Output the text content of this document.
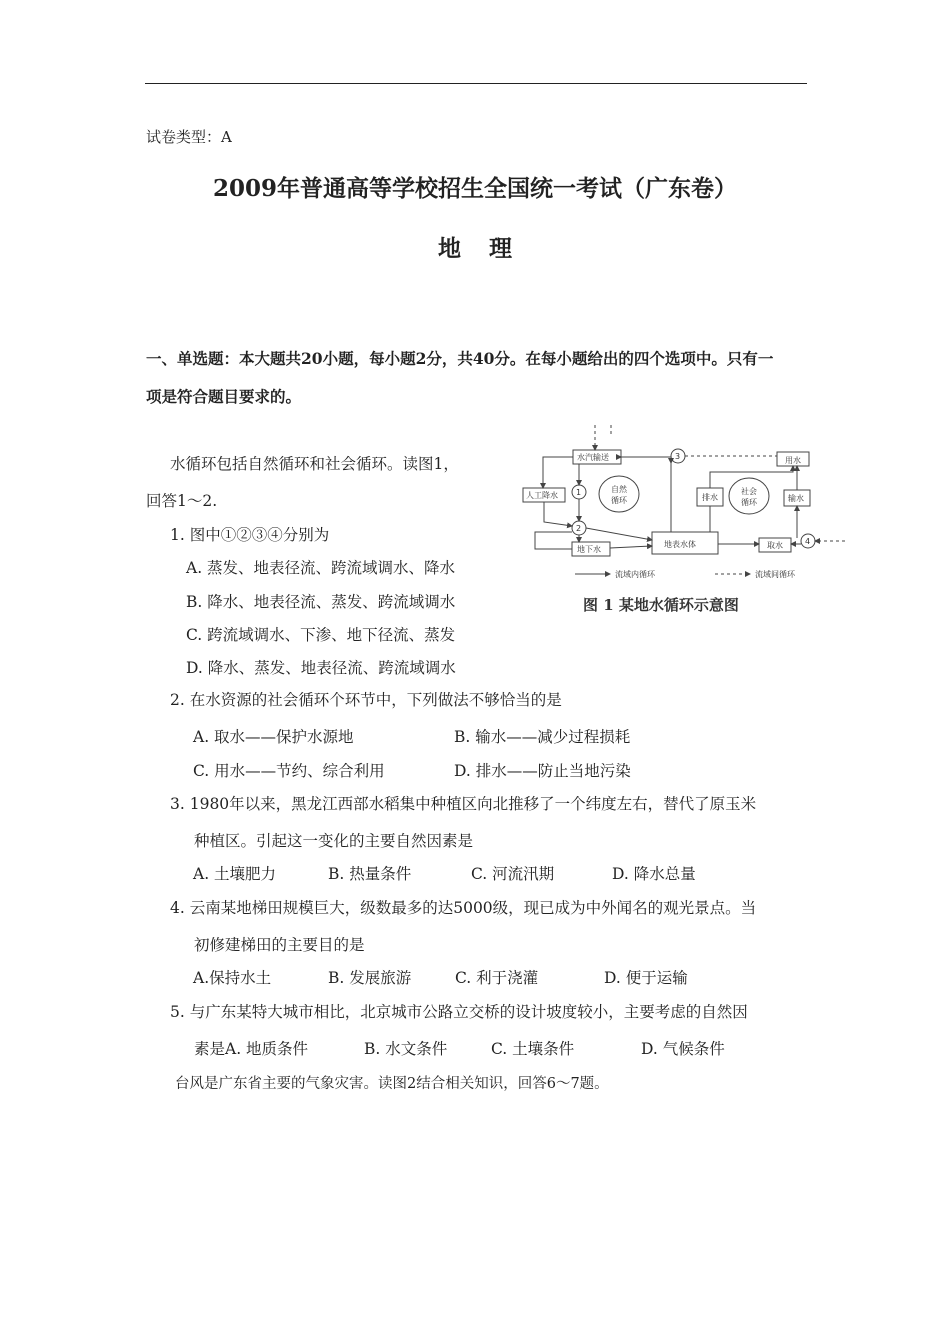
试卷类型：A
2009年普通高等学校招生全国统一考试（广东卷）
地理
一、单选题：本大题共20小题，每小题2分，共40分。在每小题给出的四个选项中。只有一
项是符合题目要求的。
水循环包括自然循环和社会循环。读图1，
回答1～2.
水汽输送
人工降水
地下水
地表水体
排水
用水
输水
取水
自然
循环
社会
循环
1
2
3
4
流域内循环	流域间循环
图 1 某地水循环示意图
1. 图中①②③④分别为
A. 蒸发、地表径流、跨流域调水、降水
B. 降水、地表径流、蒸发、跨流域调水
C. 跨流域调水、下渗、地下径流、蒸发
D. 降水、蒸发、地表径流、跨流域调水
2. 在水资源的社会循环个环节中，下列做法不够恰当的是
A. 取水——保护水源地	B. 输水——减少过程损耗
C. 用水——节约、综合利用	D. 排水——防止当地污染
3. 1980年以来，黑龙江西部水稻集中种植区向北推移了一个纬度左右，替代了原玉米
种植区。引起这一变化的主要自然因素是
A. 土壤肥力	B. 热量条件	C. 河流汛期	D. 降水总量
4. 云南某地梯田规模巨大，级数最多的达5000级，现已成为中外闻名的观光景点。当
初修建梯田的主要目的是
A.保持水土	B. 发展旅游	C. 利于浇灌	D. 便于运输
5. 与广东某特大城市相比，北京城市公路立交桥的设计坡度较小，主要考虑的自然因
素是A. 地质条件	B. 水文条件	C. 土壤条件	D. 气候条件
台风是广东省主要的气象灾害。读图2结合相关知识，回答6～7题。
